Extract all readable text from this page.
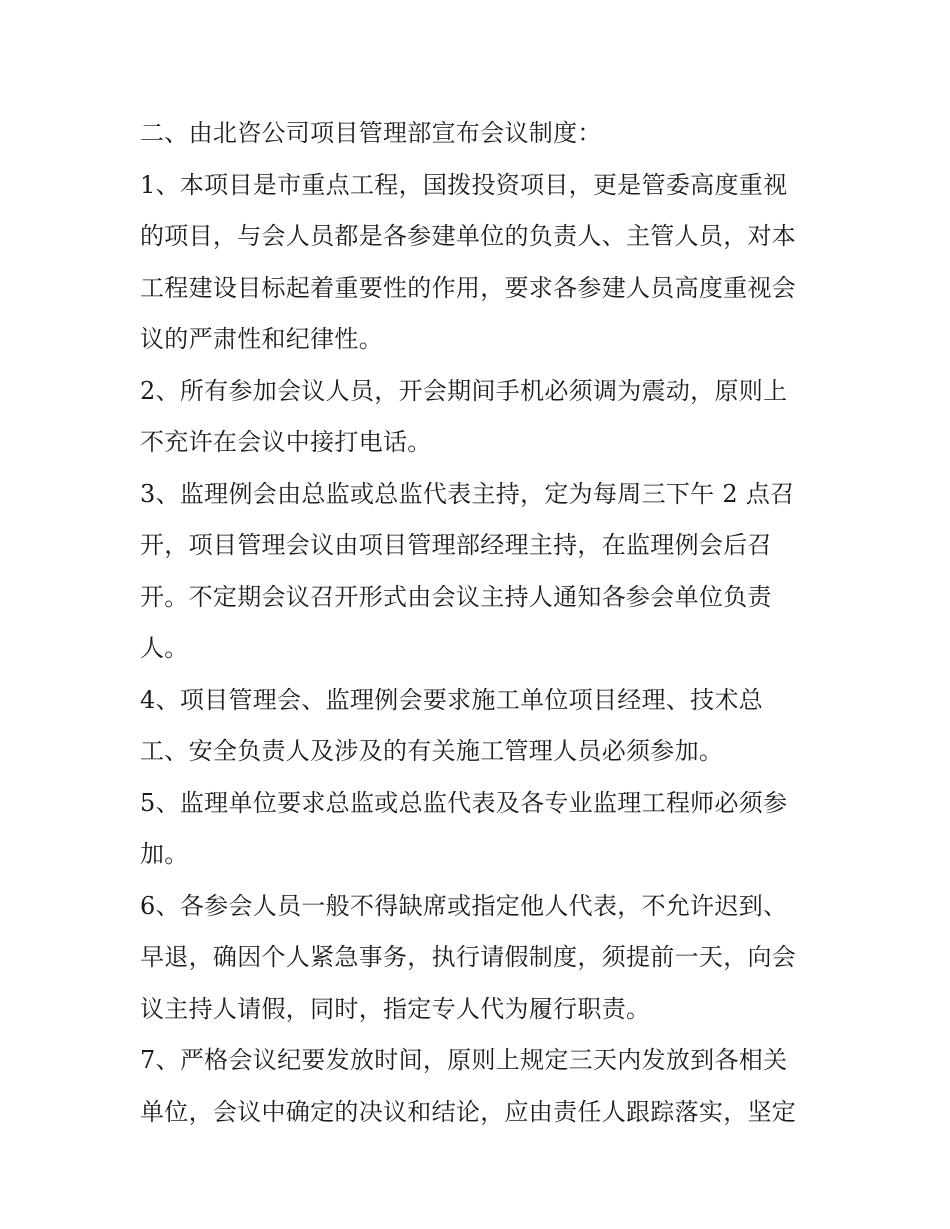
二、由北咨公司项目管理部宣布会议制度：
1、本项目是市重点工程，国拨投资项目，更是管委高度重视
的项目，与会人员都是各参建单位的负责人、主管人员，对本
工程建设目标起着重要性的作用，要求各参建人员高度重视会
议的严肃性和纪律性。
2、所有参加会议人员，开会期间手机必须调为震动，原则上
不充许在会议中接打电话。
3、监理例会由总监或总监代表主持，定为每周三下午 2 点召
开，项目管理会议由项目管理部经理主持，在监理例会后召
开。不定期会议召开形式由会议主持人通知各参会单位负责
人。
4、项目管理会、监理例会要求施工单位项目经理、技术总
工、安全负责人及涉及的有关施工管理人员必须参加。
5、监理单位要求总监或总监代表及各专业监理工程师必须参
加。
6、各参会人员一般不得缺席或指定他人代表，不允许迟到、
早退，确因个人紧急事务，执行请假制度，须提前一天，向会
议主持人请假，同时，指定专人代为履行职责。
7、严格会议纪要发放时间，原则上规定三天内发放到各相关
单位，会议中确定的决议和结论，应由责任人跟踪落实，坚定
